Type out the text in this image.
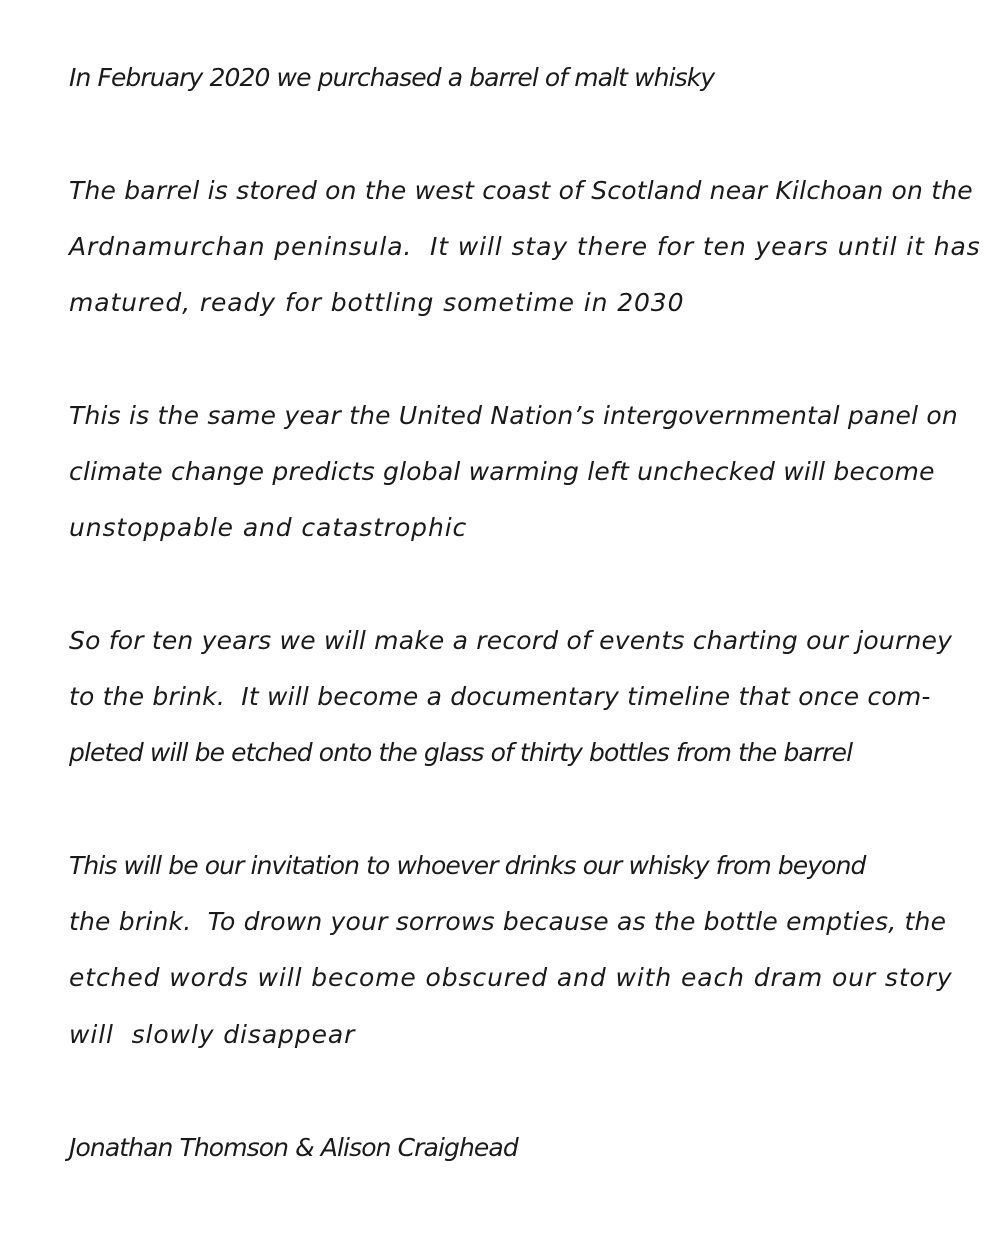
In February 2020 we purchased a barrel of malt whisky

The barrel is stored on the west coast of Scotland near Kilchoan on the

Ardnamurchan peninsula.  It will stay there for ten years until it has

matured, ready for bottling sometime in 2030

This is the same year the United Nation’s intergovernmental panel on

climate change predicts global warming left unchecked will become

unstoppable and catastrophic

So for ten years we will make a record of events charting our journey

to the brink.  It will become a documentary timeline that once com-

pleted will be etched onto the glass of thirty bottles from the barrel

This will be our invitation to whoever drinks our whisky from beyond

the brink.  To drown your sorrows because as the bottle empties, the

etched words will become obscured and with each dram our story

will  slowly disappear

Jonathan Thomson & Alison Craighead
